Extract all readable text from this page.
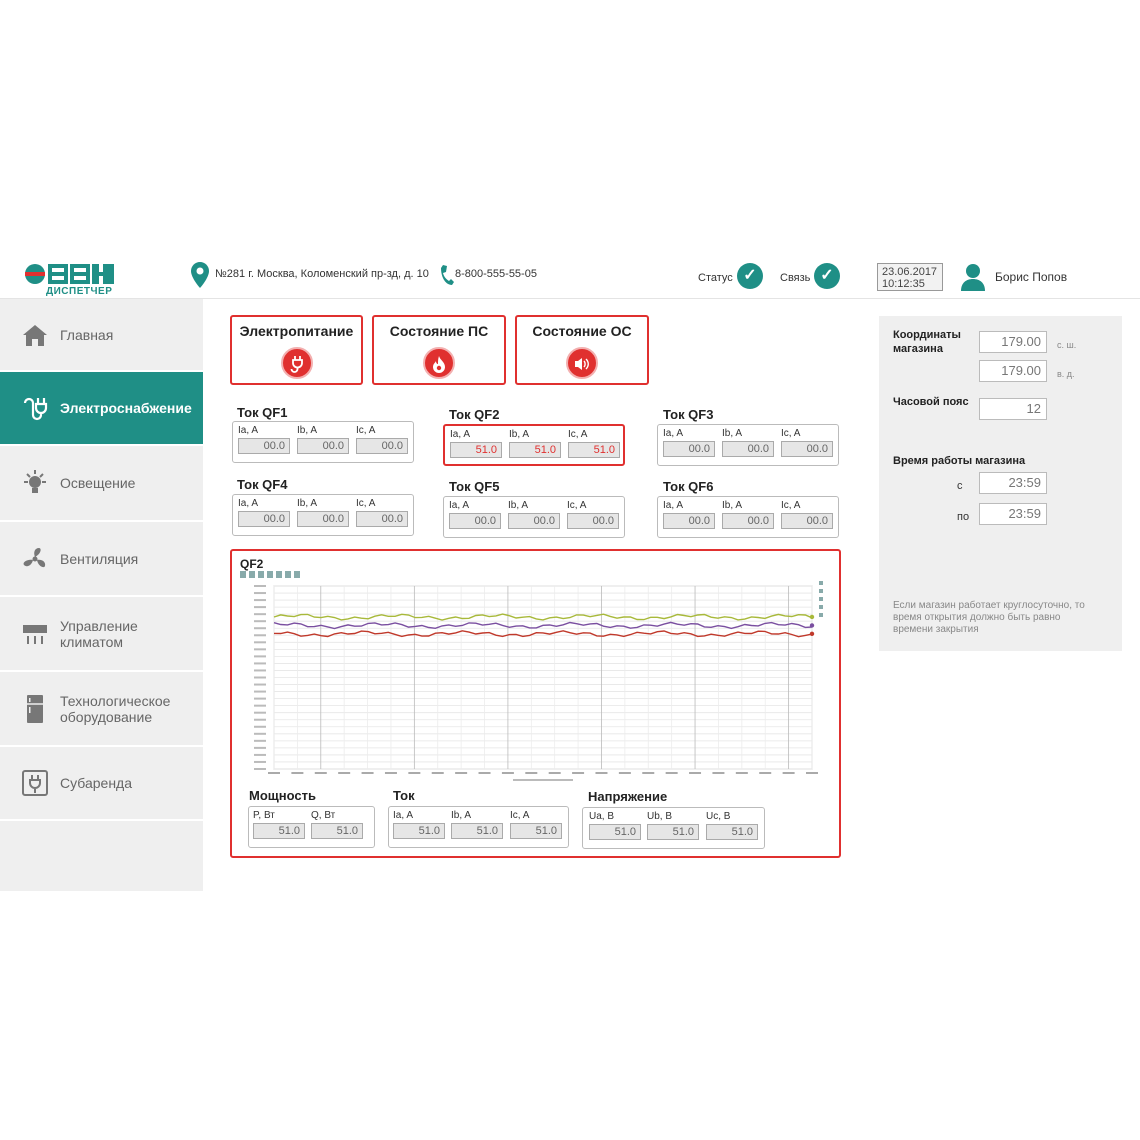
ДИСПЕТЧЕР
№281 г. Москва, Коломенский пр-зд, д. 10 8-800-555-55-05	Статус ✓	Связь ✓	23.06.2017
10:12:35	Борис Попов
Главная
Электроснабжение
Освещение
Вентиляция
Управление климатом
Технологическое оборудование
Субаренда
Электропитание	Состояние ПС	Состояние ОС
Ток QF1
Ia, A
00.0
Ib, A
00.0
Ic, A
00.0
Ток QF2
Ia, A
51.0
Ib, A
51.0
Ic, A
51.0
Ток QF3
Ia, A
00.0
Ib, A
00.0
Ic, A
00.0
Ток QF4
Ia, A
00.0
Ib, A
00.0
Ic, A
00.0
Ток QF5
Ia, A
00.0
Ib, A
00.0
Ic, A
00.0
Ток QF6
Ia, A
00.0
Ib, A
00.0
Ic, A
00.0
QF2
Мощность
P, Вт
51.0
Q, Вт
51.0
Ток
Ia, A
51.0
Ib, A
51.0
Ic, A
51.0
Напряжение
Ua, B
51.0
Ub, B
51.0
Uc, B
51.0
Координаты магазина	179.00	с. ш.
179.00	в. д.
Часовой пояс	12
Время работы магазина
с	23:59
по	23:59
Если магазин работает круглосуточно, то время открытия должно быть равно времени закрытия
